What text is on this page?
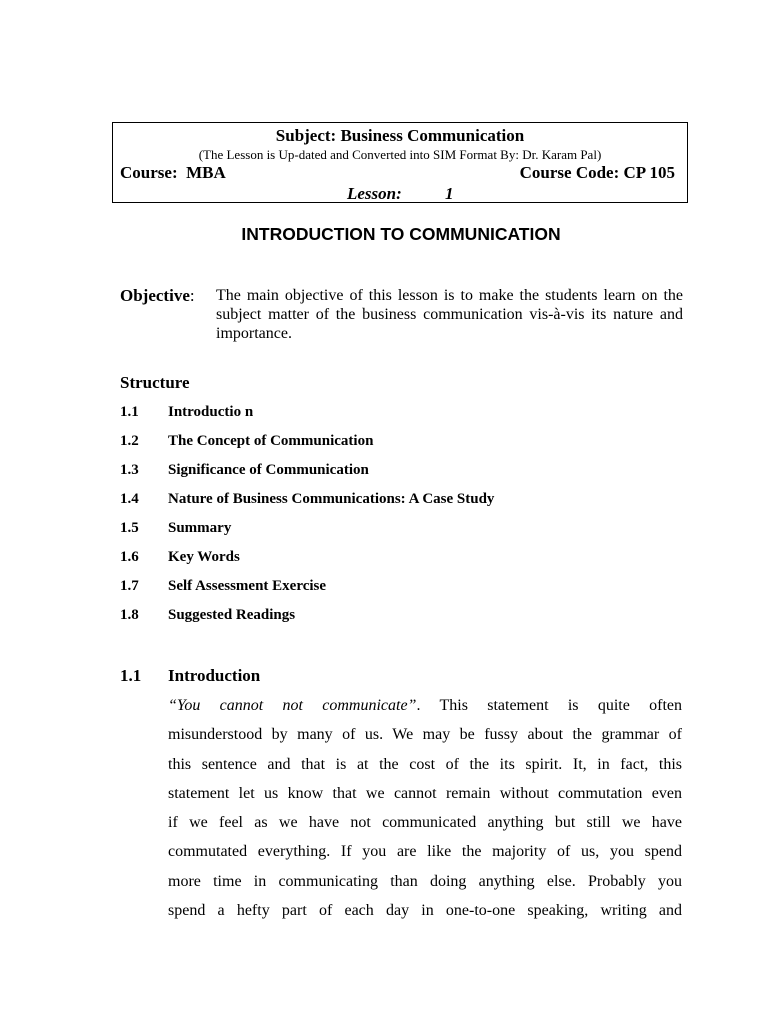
Subject: Business Communication
(The Lesson is Up-dated and Converted into SIM Format By: Dr. Karam Pal)
Course:  MBA	Course Code: CP 105
Lesson:	1
INTRODUCTION TO COMMUNICATION
Objective: The main objective of this lesson is to make the students learn on the subject matter of the business communication vis-à-vis its nature and importance.
Structure
1.1 Introductio n
1.2 The Concept of Communication
1.3 Significance of Communication
1.4 Nature of Business Communications: A Case Study
1.5 Summary
1.6 Key Words
1.7 Self Assessment Exercise
1.8 Suggested Readings
1.1 Introduction
“You cannot not communicate”. This statement is quite often
misunderstood by many of us. We may be fussy about the grammar of
this sentence and that is at the cost of the its spirit. It, in fact, this
statement let us know that we cannot remain without commutation even
if we feel as we have not communicated anything but still we have
commutated everything. If you are like the majority of us, you spend
more time in communicating than doing anything else. Probably you
spend a hefty part of each day in one-to-one speaking, writing and
